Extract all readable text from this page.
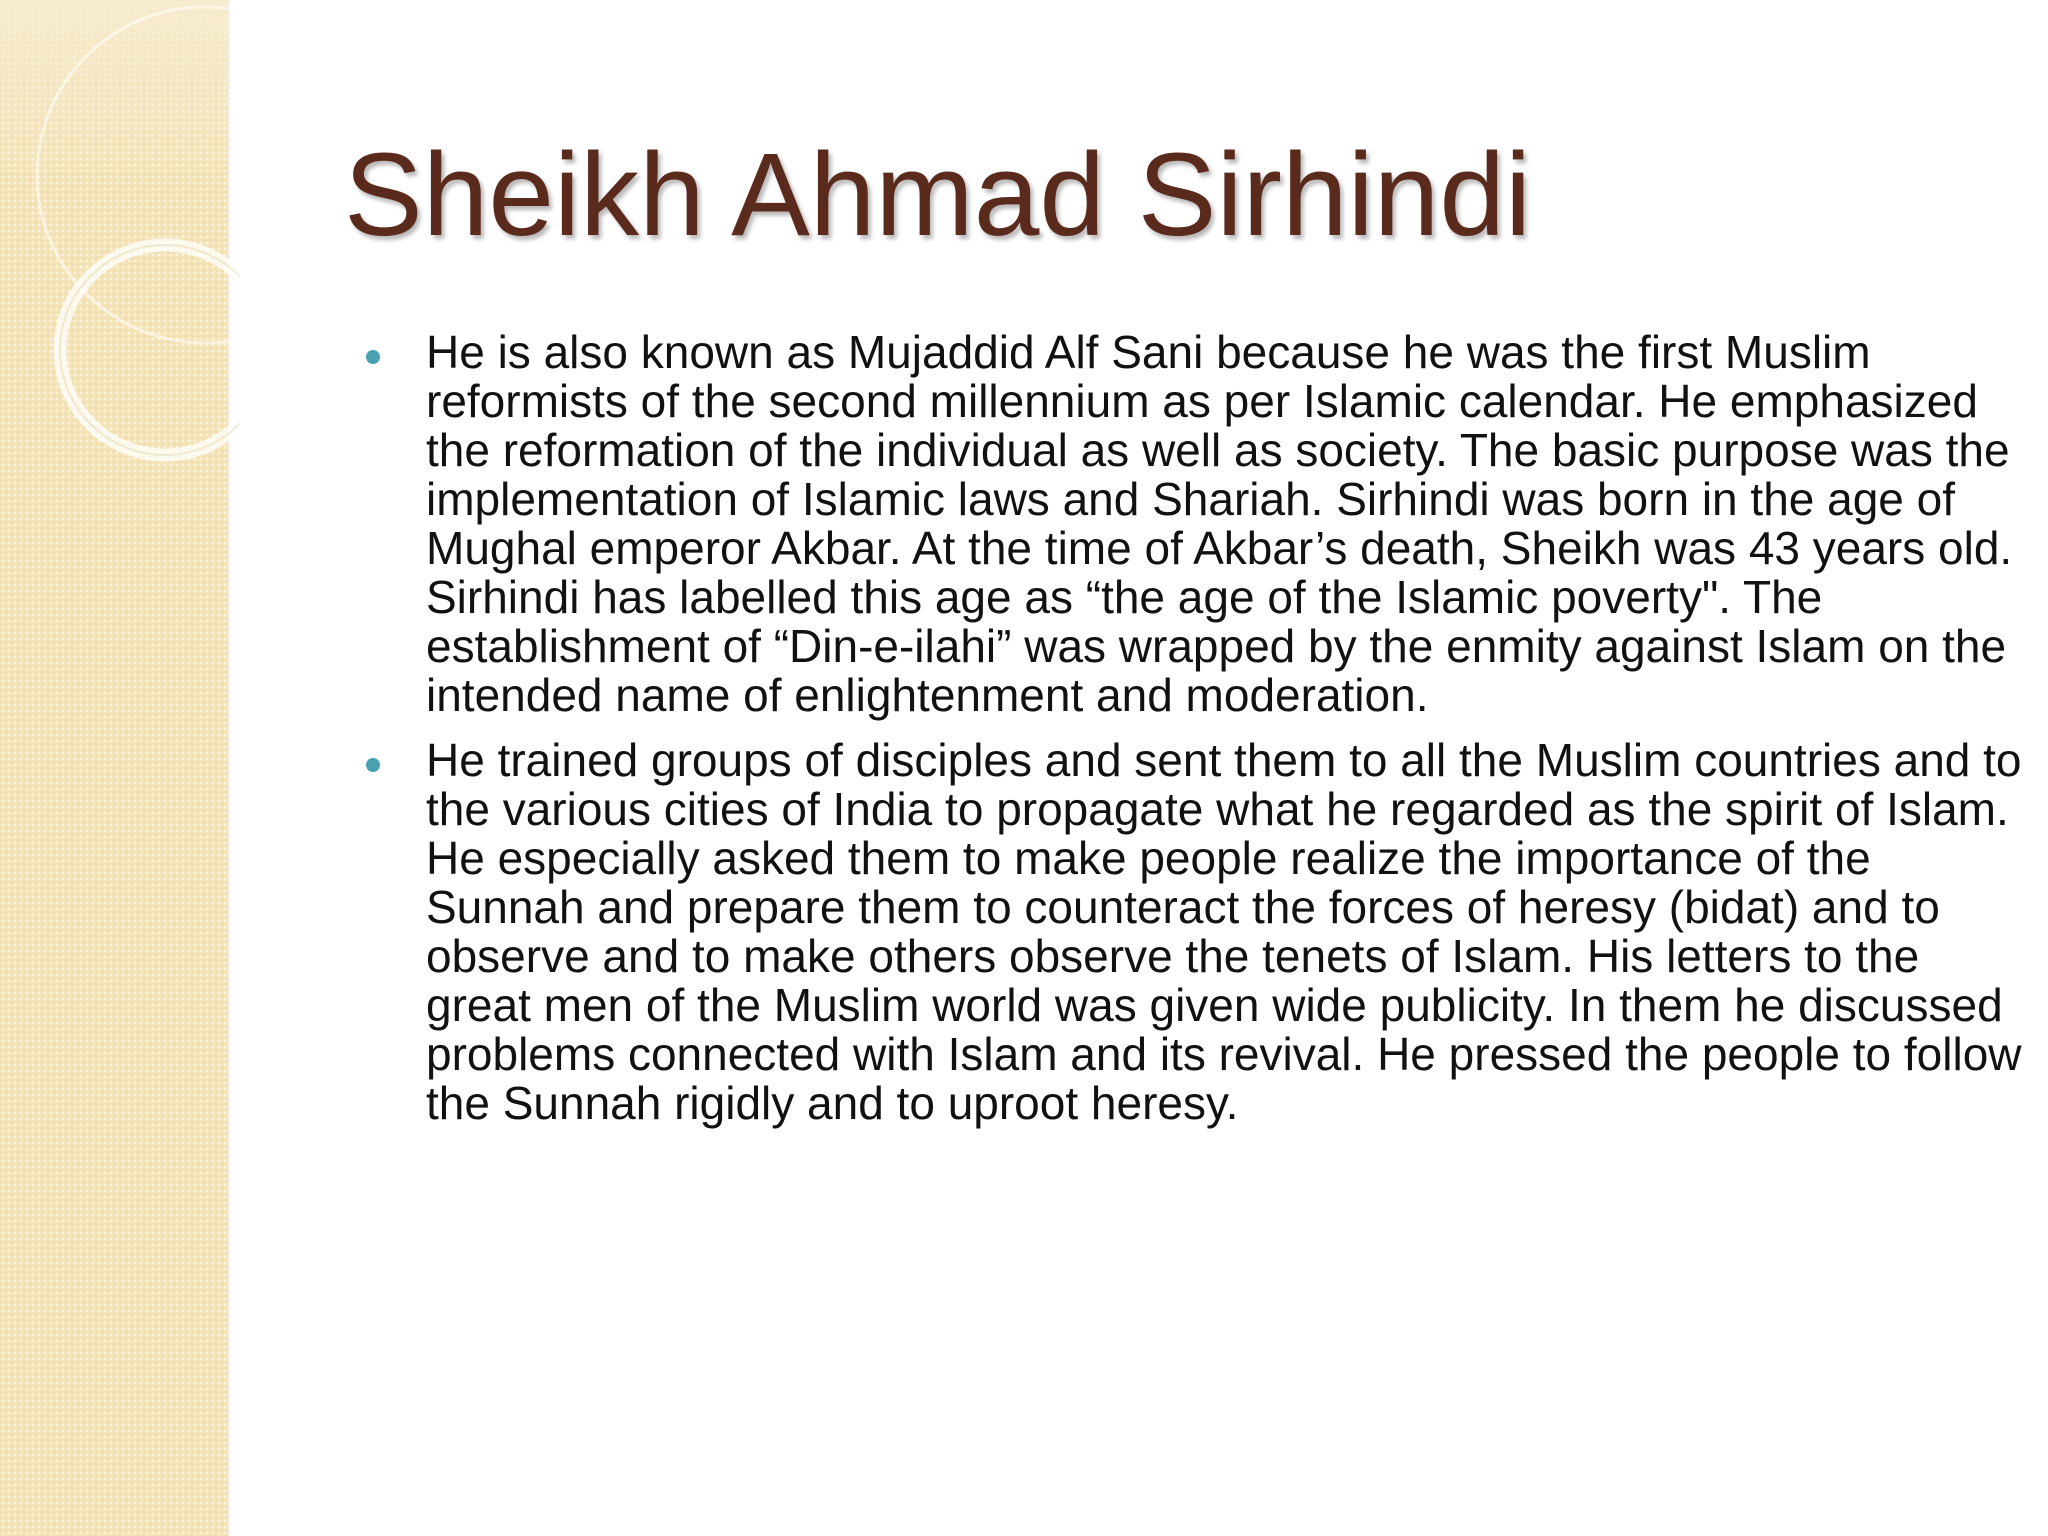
Sheikh Ahmad Sirhindi
He is also known as Mujaddid Alf Sani because he was the first Muslim reformists of the second millennium as per Islamic calendar. He emphasized the reformation of the individual as well as society. The basic purpose was the implementation of Islamic laws and Shariah. Sirhindi was born in the age of Mughal emperor Akbar. At the time of Akbar’s death, Sheikh was 43 years old. Sirhindi has labelled this age as “the age of the Islamic poverty". The establishment of “Din-e-ilahi” was wrapped by the enmity against Islam on the intended name of enlightenment and moderation.
He trained groups of disciples and sent them to all the Muslim countries and to the various cities of India to propagate what he regarded as the spirit of Islam. He especially asked them to make people realize the importance of the Sunnah and prepare them to counteract the forces of heresy (bidat) and to observe and to make others observe the tenets of Islam. His letters to the great men of the Muslim world was given wide publicity. In them he discussed problems connected with Islam and its revival. He pressed the people to follow the Sunnah rigidly and to uproot heresy.
